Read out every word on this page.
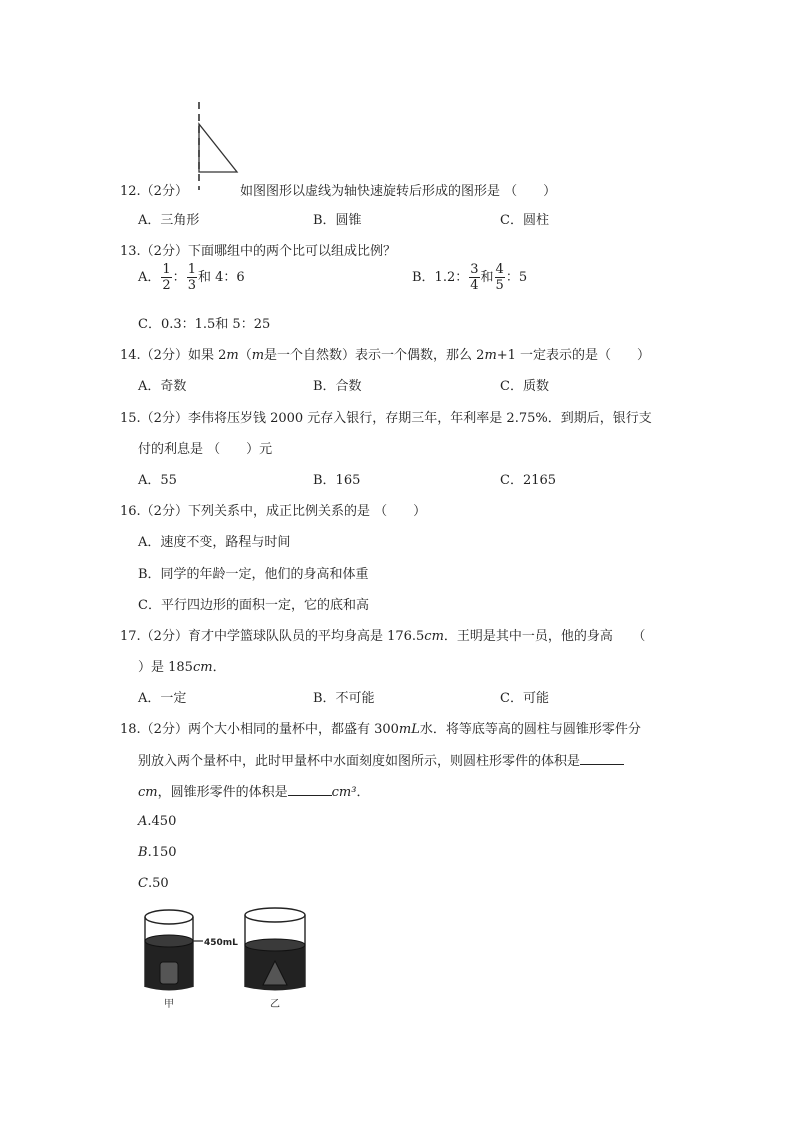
12.（2分）	如图图形以虚线为轴快速旋转后形成的图形是 （　　）
A．三角形	B．圆锥	C．圆柱
13.（2分）下面哪组中的两个比可以组成比例？
A． $\frac{1}{2}$ ： $\frac{1}{3}$ 和 4：6	B．1.2： $\frac{3}{4}$ 和 $\frac{4}{5}$ ：5
C．0.3：1.5和 5：25
14.（2分）如果 2m（m是一个自然数）表示一个偶数，那么 2m+1 一定表示的是（　　）
A．奇数	B．合数	C．质数
15.（2分）李伟将压岁钱 2000 元存入银行，存期三年，年利率是 2.75%．到期后，银行支
付的利息是 （　　）元
A．55	B．165	C．2165
16.（2分）下列关系中，成正比例关系的是 （　　）
A．速度不变，路程与时间
B．同学的年龄一定，他们的身高和体重
C．平行四边形的面积一定，它的底和高
17.（2分）育才中学篮球队队员的平均身高是 176.5cm．王明是其中一员，他的身高　　（
）是 185cm．
A．一定	B．不可能	C．可能
18.（2分）两个大小相同的量杯中，都盛有 300mL水．将等底等高的圆柱与圆锥形零件分
别放入两个量杯中，此时甲量杯中水面刻度如图所示，则圆柱形零件的体积是
cm，圆锥形零件的体积是	cm³．
A.450
B.150
C.50
450mL
甲	乙
